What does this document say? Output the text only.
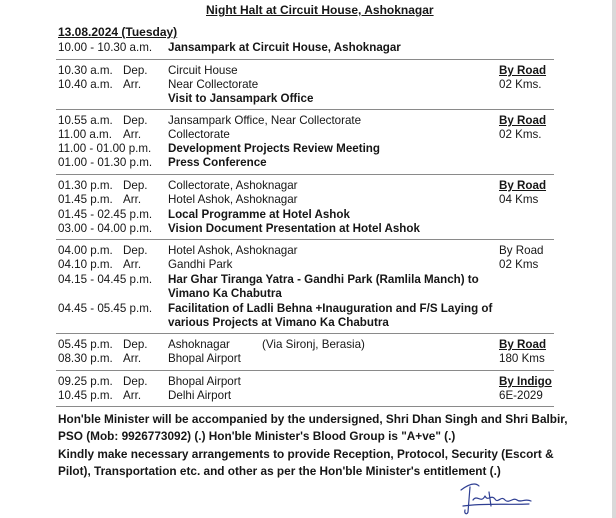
Night Halt at Circuit House, Ashoknagar
13.08.2024 (Tuesday)
10.00 - 10.30 a.m. Jansampark at Circuit House, Ashoknagar
10.30 a.m. Dep. Circuit House	By Road
10.40 a.m. Arr. Near Collectorate	02 Kms.
Visit to Jansampark Office
10.55 a.m. Dep. Jansampark Office, Near Collectorate	By Road
11.00 a.m. Arr. Collectorate	02 Kms.
11.00 - 01.00 p.m. Development Projects Review Meeting
01.00 - 01.30 p.m. Press Conference
01.30 p.m. Dep. Collectorate, Ashoknagar	By Road
01.45 p.m. Arr. Hotel Ashok, Ashoknagar	04 Kms
01.45 - 02.45 p.m. Local Programme at Hotel Ashok
03.00 - 04.00 p.m. Vision Document Presentation at Hotel Ashok
04.00 p.m. Dep. Hotel Ashok, Ashoknagar	By Road
04.10 p.m. Arr. Gandhi Park	02 Kms
04.15 - 04.45 p.m. Har Ghar Tiranga Yatra - Gandhi Park (Ramlila Manch) to
Vimano Ka Chabutra
04.45 - 05.45 p.m. Facilitation of Ladli Behna +Inauguration and F/S Laying of
various Projects at Vimano Ka Chabutra
05.45 p.m. Dep. Ashoknagar	(Via Sironj, Berasia)	By Road
08.30 p.m. Arr. Bhopal Airport	180 Kms
09.25 p.m. Dep. Bhopal Airport	By Indigo
10.45 p.m. Arr. Delhi Airport	6E-2029
Hon'ble Minister will be accompanied by the undersigned, Shri Dhan Singh and Shri Balbir,
PSO (Mob: 9926773092) (.) Hon'ble Minister's Blood Group is "A+ve" (.)
Kindly make necessary arrangements to provide Reception, Protocol, Security (Escort &
Pilot), Transportation etc. and other as per the Hon'ble Minister's entitlement (.)
